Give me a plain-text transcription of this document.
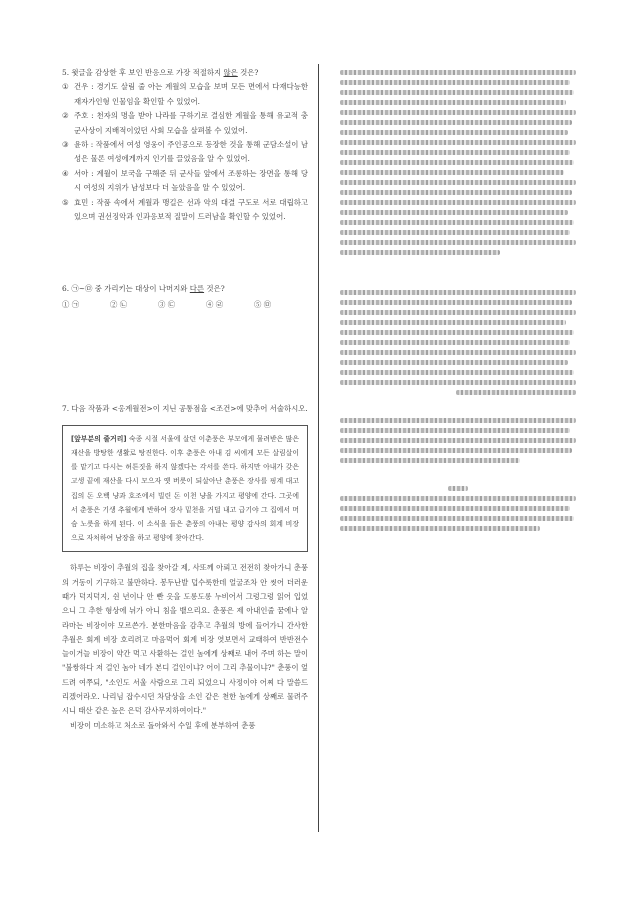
5. 윗글을 감상한 후 보인 반응으로 가장 적절하지 않은 것은?

① 건우 : 경기도 살림 줄 아는 계월의 모습을 보며 모든 면에서 다재다능한 재자가인형 인물임을 확인할 수 있었어.
② 주호 : 천자의 명을 받아 나라를 구하기로 결심한 계월을 통해 유교적 충군사상이 지배적이었던 사회 모습을 살펴볼 수 있었어.
③ 윤하 : 작품에서 여성 영웅이 주인공으로 등장한 것을 통해 군담소설이 남성은 물론 여성에게까지 인기를 끌었음을 알 수 있었어.
④ 서아 : 계월이 보국을 구해준 뒤 군사들 앞에서 조롱하는 장면을 통해 당시 여성의 지위가 남성보다 더 높았음을 알 수 있었어.
⑤ 효민 : 작품 속에서 계월과 맹길은 선과 악의 대결 구도로 서로 대립하고 있으며 권선징악과 인과응보적 질말이 드러남을 확인할 수 있었어.

6. ㉠~㉤ 중 가리키는 대상이 나머지와 다른 것은?

① ㉠	② ㉡	③ ㉢	④ ㉣	⑤ ㉤

7. 다음 작품과 <옹계월전>이 지닌 공통점을 <조건>에 맞추어 서술하시오.

[앞부분의 줄거리] 숙종 시절 서울에 살던 이춘풍은 부모에게 물려받은 많은 재산을 방탕한 생활로 탕진한다. 이후 춘풍은 아내 김 씨에게 모든 살림살이를 맡기고 다시는 허튼짓을 하지 않겠다는 각서를 쓴다. 하지만 아내가 갖은 고생 끝에 재산을 다시 모으자 옛 버릇이 되살아난 춘풍은 장사를 핑계 대고 집의 돈 오백 냥과 호조에서 빌린 돈 이천 냥을 가지고 평양에 간다. 그곳에서 춘풍은 기생 추월에게 반하여 장사 밑천을 거덜 내고 급기야 그 집에서 머슴 노릇을 하게 된다. 이 소식을 들은 춘풍의 아내는 평양 감사의 회계 비장으로 자처하여 남장을 하고 평양에 찾아간다.

하루는 비장이 추월의 집을 찾아갈 제, 사또께 아뢰고 전전히 찾아가니 춘풍의 거동이 기구하고 불만하다. 봉두난발 덥수룩한데 얼굴조차 안 씻어 더러운 때가 덕지덕지, 쉰 년이나 안 빤 옷을 도롱도롱 누비어서 그렁그렁 읽어 입었으니 그 추한 형상에 뉘가 아니 침을 뱉으리요. 춘풍은 제 아내인줄 꿈에나 알라마는 비장이야 모르쓴가. 분한마음을 감추고 추월의 방에 들어가니 간사한 추월은 회계 비장 호리려고 마음먹어 회계 비장 엿보면서 교태하여 반반전수 늘이거늘 비장이 약간 먹고 사환하는 걸인 놈에게 상째로 내어 주며 하는 말이 "불쌍하다 저 걸인 놈아 네가 본디 걸인이냐? 어이 그리 추물이냐?" 춘풍이 엎드려 여쭈되, "소인도 서울 사람으로 그리 되었으니 사정이야 어찌 다 말씀드리겠어라오. 나리님 잡수시던 차담상을 소인 같은 천한 놈에게 상째로 물려주시니 태산 같은 높은 은덕 감사무지하여이다."

비장이 미소하고 처소로 돌아와서 수일 후에 분부하여 춘풍
